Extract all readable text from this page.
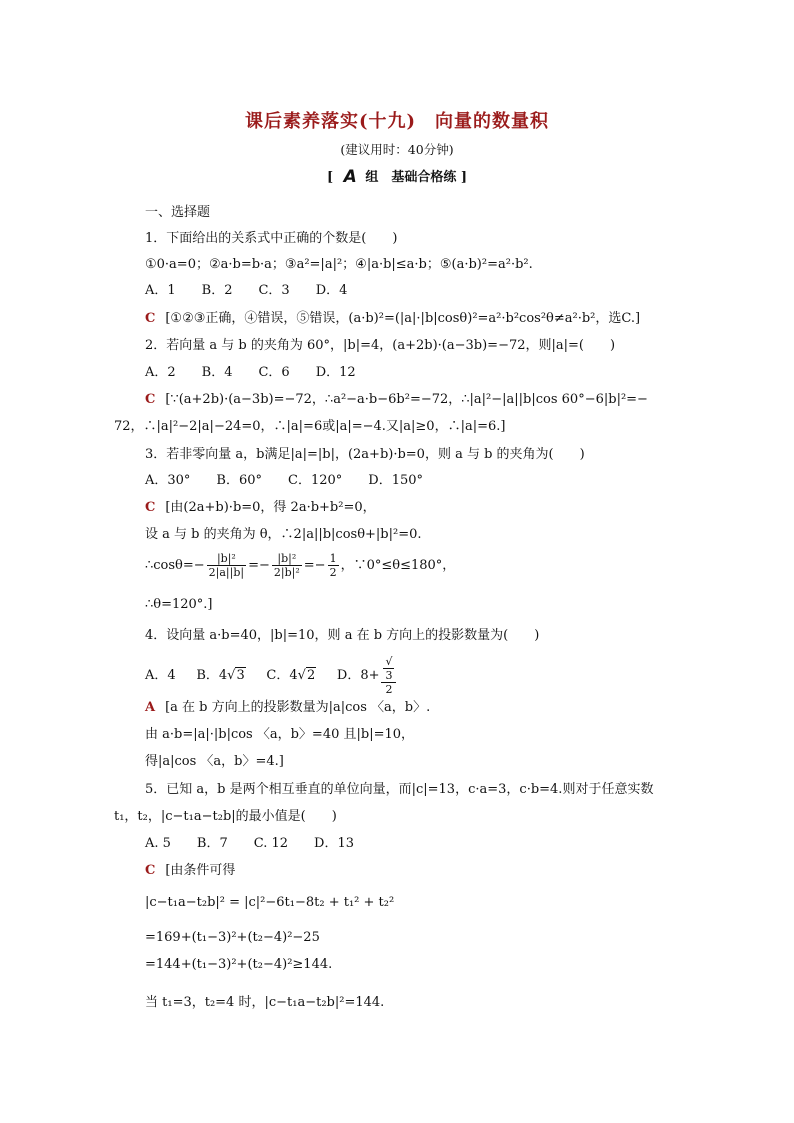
课后素养落实(十九)　向量的数量积
(建议用时：40分钟)
[ A 组　基础合格练 ]
一、选择题
1．下面给出的关系式中正确的个数是(　　)
①0·a=0；②a·b=b·a；③a²=|a|²；④|a·b|≤a·b；⑤(a·b)²=a²·b².
A．1　　B．2　　C．3　　D．4
C [①②③正确，④错误，⑤错误，(a·b)²=(|a|·|b|cosθ)²=a²·b²cos²θ≠a²·b²，选C.]
2．若向量 a 与 b 的夹角为 60°，|b|=4，(a+2b)·(a−3b)=−72，则|a|=(　　)
A．2　　B．4　　C．6　　D．12
C [∵(a+2b)·(a−3b)=−72，∴a²−a·b−6b²=−72，∴|a|²−|a||b|cos 60°−6|b|²=−
72，∴|a|²−2|a|−24=0，∴|a|=6或|a|=−4.又|a|≥0，∴|a|=6.]
3．若非零向量 a，b满足|a|=|b|，(2a+b)·b=0，则 a 与 b 的夹角为(　　)
A．30°　　B．60°　　C．120°　　D．150°
C [由(2a+b)·b=0，得 2a·b+b²=0，
设 a 与 b 的夹角为 θ，∴2|a||b|cosθ+|b|²=0.
∴cosθ=− $\frac{\text{|b|²}}{2|a||b|} =- \frac{\text{|b|²}}{\text{2|b|²}} =- \frac{1}{2}$ ，∵0°≤θ≤180°，
∴θ=120°.]
4．设向量 a·b=40，|b|=10，则 a 在 b 方向上的投影数量为(　　)
A．4 B．4√3 C．4√2 D．8+ √
3
2
A [a 在 b 方向上的投影数量为|a|cos 〈a，b〉.
由 a·b=|a|·|b|cos 〈a，b〉=40 且|b|=10，
得|a|cos 〈a，b〉=4.]
5．已知 a，b 是两个相互垂直的单位向量，而|c|=13，c·a=3，c·b=4.则对于任意实数
t₁，t₂，|c−t₁a−t₂b|的最小值是(　　)
A. 5　　B．7　　C. 12　　D．13
C [由条件可得
|c−t₁a−t₂b|² = |c|²−6t₁−8t₂ + t₁² + t₂²
=169+(t₁−3)²+(t₂−4)²−25
=144+(t₁−3)²+(t₂−4)²≥144.
当 t₁=3，t₂=4 时，|c−t₁a−t₂b|²=144.
